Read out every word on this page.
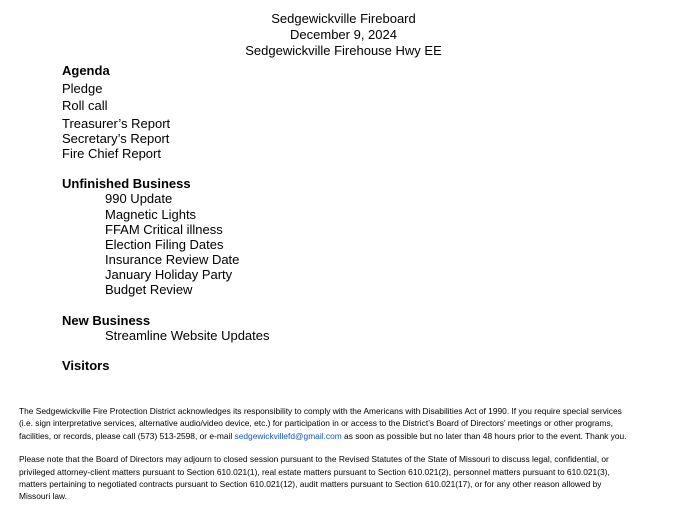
Sedgewickville Fireboard
December 9, 2024
Sedgewickville Firehouse Hwy EE
Agenda
Pledge
Roll call
Treasurer’s Report
Secretary’s Report
Fire Chief Report
Unfinished Business
990 Update
Magnetic Lights
FFAM Critical illness
Election Filing Dates
Insurance Review Date
January Holiday Party
Budget Review
New Business
Streamline Website Updates
Visitors

The Sedgewickville Fire Protection District acknowledges its responsibility to comply with the Americans with Disabilities Act of 1990. If you require special services (i.e. sign interpretative services, alternative audio/video device, etc.) for participation in or access to the District’s Board of Directors’ meetings or other programs, facilities, or records, please call (573) 513-2598, or e-mail sedgewickvillefd@gmail.com as soon as possible but no later than 48 hours prior to the event. Thank you.

Please note that the Board of Directors may adjourn to closed session pursuant to the Revised Statutes of the State of Missouri to discuss legal, confidential, or privileged attorney-client matters pursuant to Section 610.021(1), real estate matters pursuant to Section 610.021(2), personnel matters pursuant to 610.021(3), matters pertaining to negotiated contracts pursuant to Section 610.021(12), audit matters pursuant to Section 610.021(17), or for any other reason allowed by Missouri law.
